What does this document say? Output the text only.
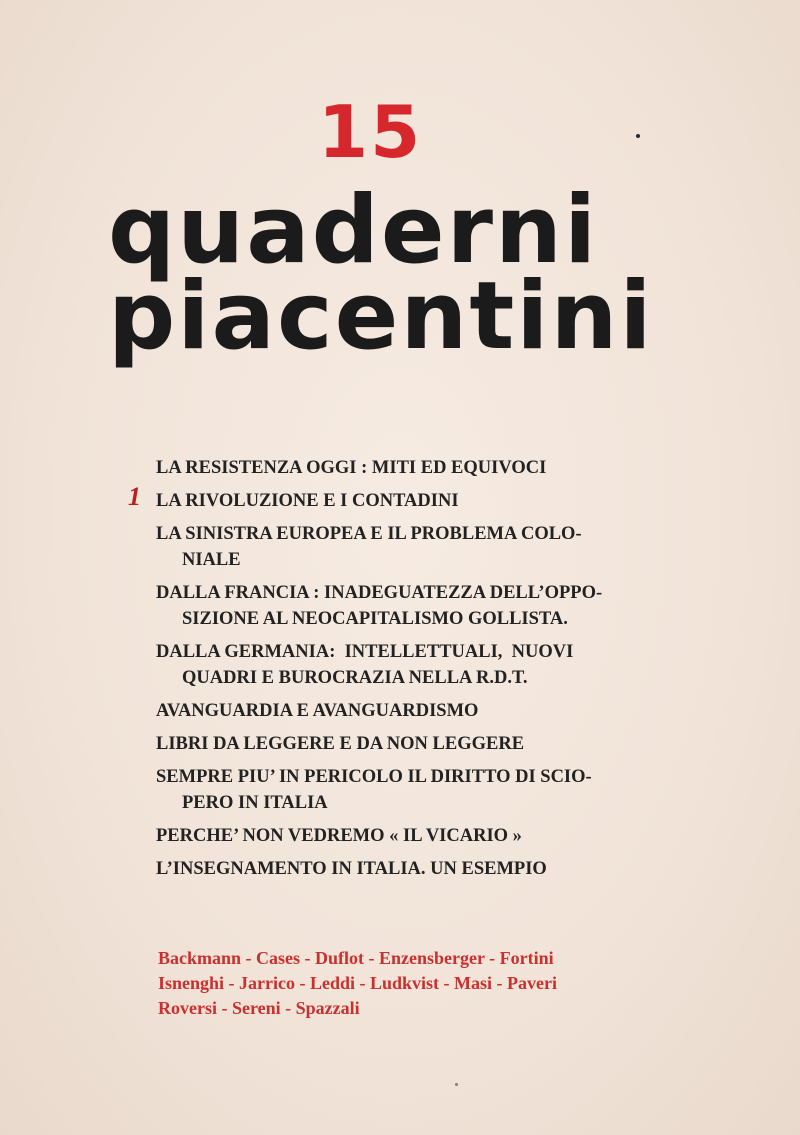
15
quaderni
piacentini
1
LA RESISTENZA OGGI : MITI ED EQUIVOCI
LA RIVOLUZIONE E I CONTADINI
LA SINISTRA EUROPEA E IL PROBLEMA COLO-
NIALE
DALLA FRANCIA : INADEGUATEZZA DELL’OPPO-
SIZIONE AL NEOCAPITALISMO GOLLISTA.
DALLA GERMANIA:  INTELLETTUALI,  NUOVI
QUADRI E BUROCRAZIA NELLA R.D.T.
AVANGUARDIA E AVANGUARDISMO
LIBRI DA LEGGERE E DA NON LEGGERE
SEMPRE PIU’ IN PERICOLO IL DIRITTO DI SCIO-
PERO IN ITALIA
PERCHE’ NON VEDREMO « IL VICARIO »
L’INSEGNAMENTO IN ITALIA. UN ESEMPIO
Backmann - Cases - Duflot - Enzensberger - Fortini
Isnenghi - Jarrico - Leddi - Ludkvist - Masi - Paveri
Roversi - Sereni - Spazzali
